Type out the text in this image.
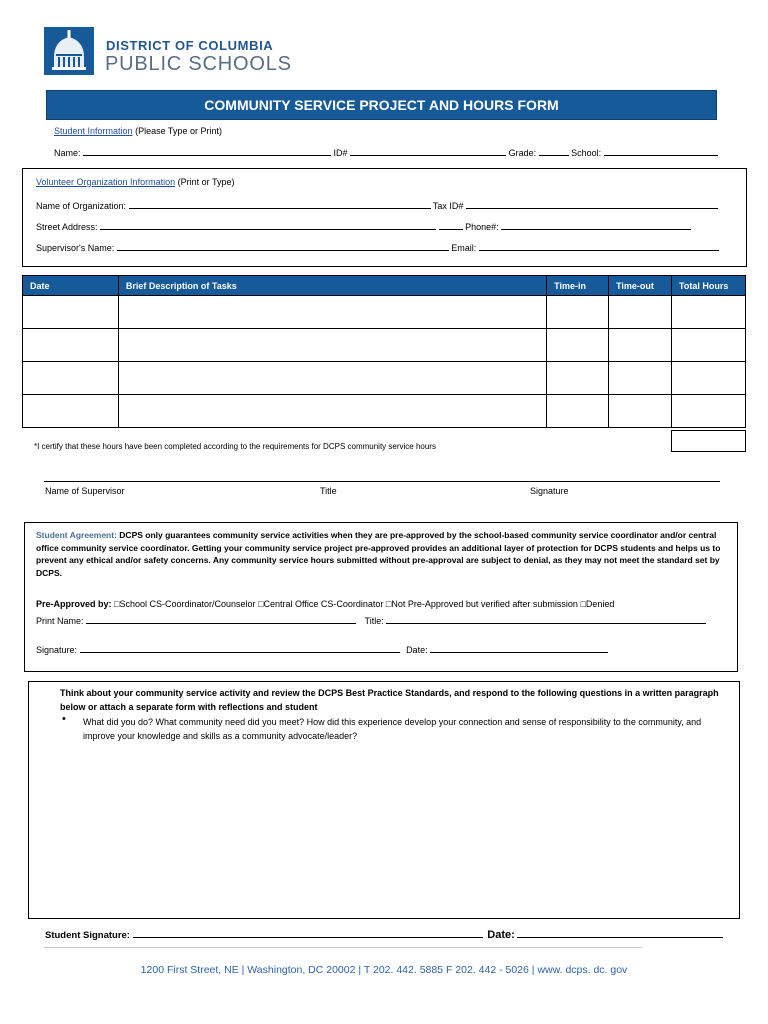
DISTRICT OF COLUMBIA
PUBLIC SCHOOLS
COMMUNITY SERVICE PROJECT AND HOURS FORM
Student Information (Please Type or Print)
Name:	ID#	Grade:	School:
Volunteer Organization Information (Print or Type)
Name of Organization:	Tax ID#
Street Address:	Phone#:
Supervisor's Name:	Email:
Date	Brief Description of Tasks	Time-in	Time-out	Total Hours

*I certify that these hours have been completed according to the requirements for DCPS community service hours
Name of Supervisor	Title	Signature
Student Agreement: DCPS only guarantees community service activities when they are pre-approved by the school-based community service coordinator and/or central office community service coordinator. Getting your community service project pre-approved provides an additional layer of protection for DCPS students and helps us to prevent any ethical and/or safety concerns. Any community service hours submitted without pre-approval are subject to denial, as they may not meet the standard set by DCPS.
Pre-Approved by: □School CS-Coordinator/Counselor □Central Office CS-Coordinator □Not Pre-Approved but verified after submission □Denied
Print Name:	Title:
Signature:	Date:
Think about your community service activity and review the DCPS Best Practice Standards, and respond to the following questions in a written paragraph below or attach a separate form with reflections and student
• What did you do? What community need did you meet? How did this experience develop your connection and sense of responsibility to the community, and improve your knowledge and skills as a community advocate/leader?
Student Signature:	Date:
1200 First Street, NE | Washington, DC 20002 | T 202. 442. 5885 F 202. 442 - 5026 | www. dcps. dc. gov
